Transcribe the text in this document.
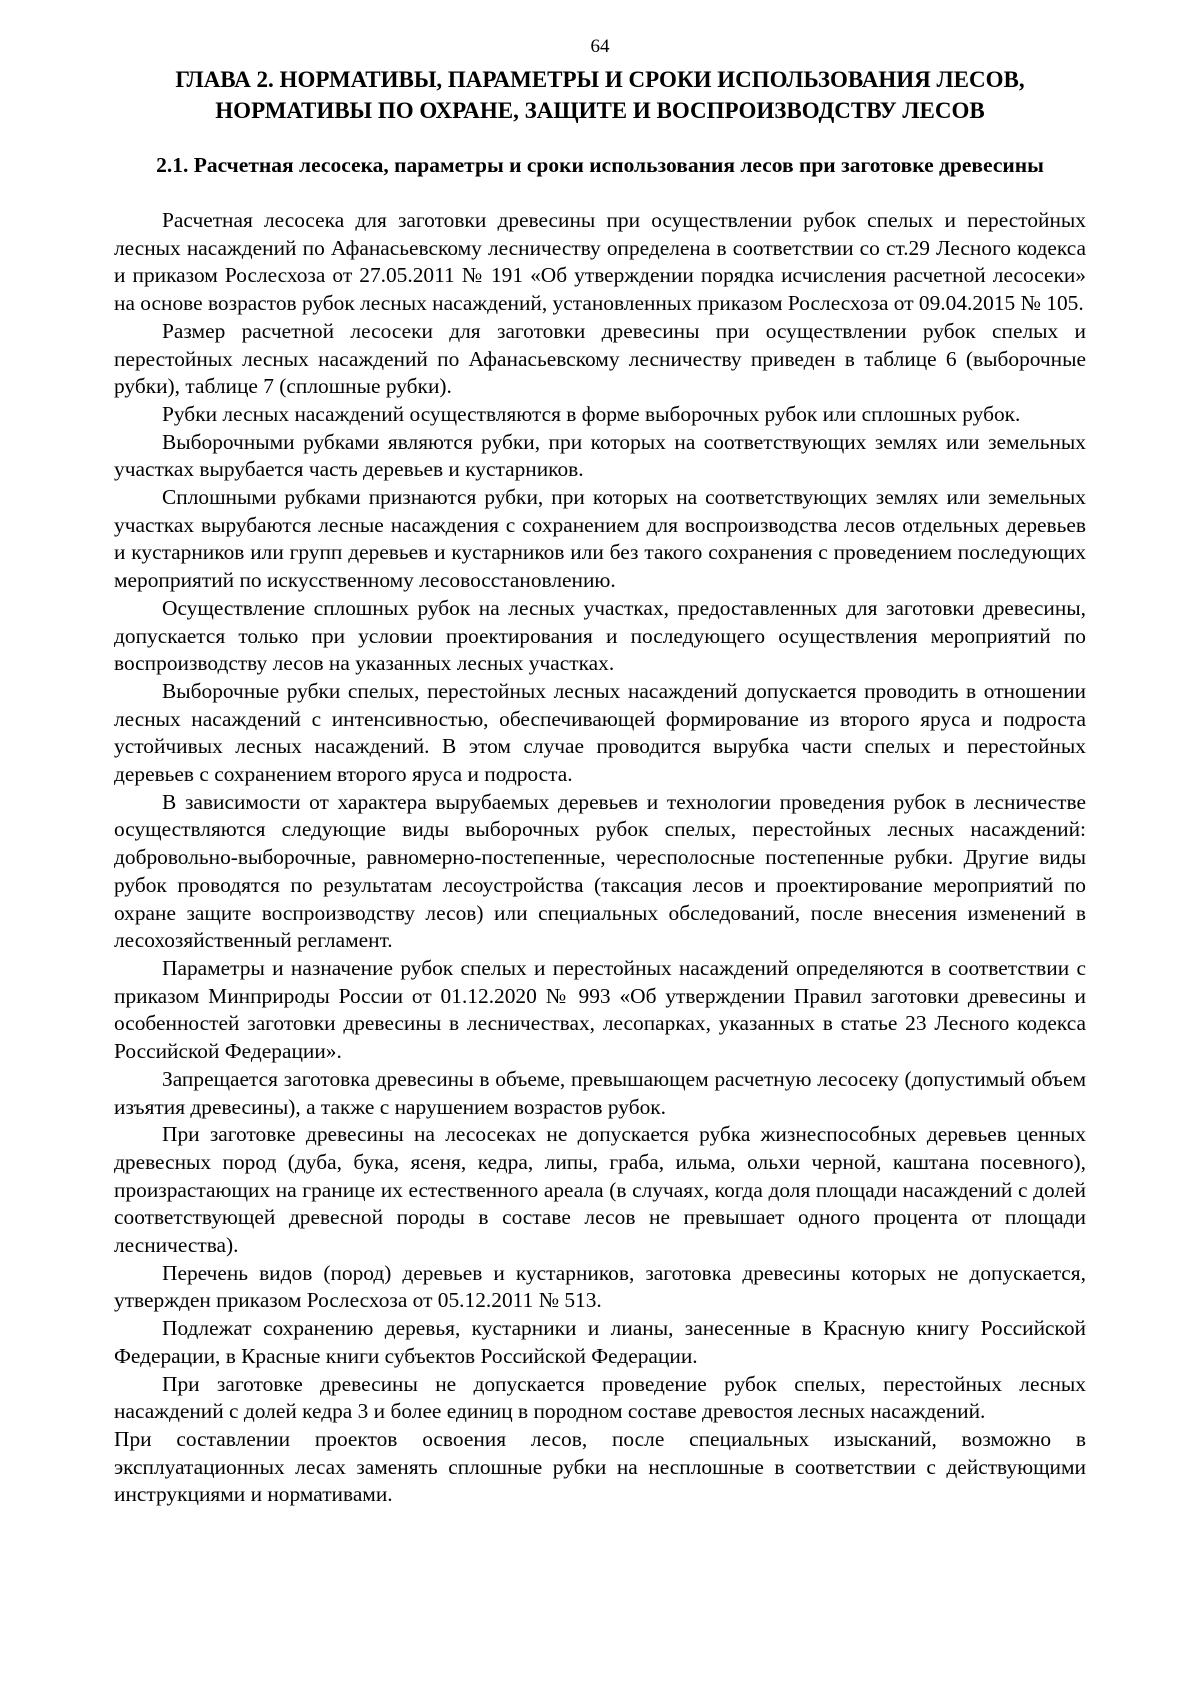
64
ГЛАВА 2. НОРМАТИВЫ, ПАРАМЕТРЫ И СРОКИ ИСПОЛЬЗОВАНИЯ ЛЕСОВ,
НОРМАТИВЫ ПО ОХРАНЕ, ЗАЩИТЕ И ВОСПРОИЗВОДСТВУ ЛЕСОВ
2.1. Расчетная лесосека, параметры и сроки использования лесов при заготовке древесины

Расчетная лесосека для заготовки древесины при осуществлении рубок спелых и перестойных лесных насаждений по Афанасьевскому лесничеству определена в соответствии со ст.29 Лесного кодекса и приказом Рослесхоза от 27.05.2011 № 191 «Об утверждении порядка исчисления расчетной лесосеки» на основе возрастов рубок лесных насаждений, установленных приказом Рослесхоза от 09.04.2015 № 105.

Размер расчетной лесосеки для заготовки древесины при осуществлении рубок спелых и перестойных лесных насаждений по Афанасьевскому лесничеству приведен в таблице 6 (выборочные рубки), таблице 7 (сплошные рубки).

Рубки лесных насаждений осуществляются в форме выборочных рубок или сплошных рубок.

Выборочными рубками являются рубки, при которых на соответствующих землях или земельных участках вырубается часть деревьев и кустарников.

Сплошными рубками признаются рубки, при которых на соответствующих землях или земельных участках вырубаются лесные насаждения с сохранением для воспроизводства лесов отдельных деревьев и кустарников или групп деревьев и кустарников или без такого сохранения с проведением последующих мероприятий по искусственному лесовосстановлению.

Осуществление сплошных рубок на лесных участках, предоставленных для заготовки древесины, допускается только при условии проектирования и последующего осуществления мероприятий по воспроизводству лесов на указанных лесных участках.

Выборочные рубки спелых, перестойных лесных насаждений допускается проводить в отношении лесных насаждений с интенсивностью, обеспечивающей формирование из второго яруса и подроста устойчивых лесных насаждений. В этом случае проводится вырубка части спелых и перестойных деревьев с сохранением второго яруса и подроста.

В зависимости от характера вырубаемых деревьев и технологии проведения рубок в лесничестве осуществляются следующие виды выборочных рубок спелых, перестойных лесных насаждений: добровольно-выборочные, равномерно-постепенные, чересполосные постепенные рубки. Другие виды рубок проводятся по результатам лесоустройства (таксация лесов и проектирование мероприятий по охране защите воспроизводству лесов) или специальных обследований, после внесения изменений в лесохозяйственный регламент.

Параметры и назначение рубок спелых и перестойных насаждений определяются в соответствии с приказом Минприроды России от 01.12.2020 № 993 «Об утверждении Правил заготовки древесины и особенностей заготовки древесины в лесничествах, лесопарках, указанных в статье 23 Лесного кодекса Российской Федерации».

Запрещается заготовка древесины в объеме, превышающем расчетную лесосеку (допустимый объем изъятия древесины), а также с нарушением возрастов рубок.

При заготовке древесины на лесосеках не допускается рубка жизнеспособных деревьев ценных древесных пород (дуба, бука, ясеня, кедра, липы, граба, ильма, ольхи черной, каштана посевного), произрастающих на границе их естественного ареала (в случаях, когда доля площади насаждений с долей соответствующей древесной породы в составе лесов не превышает одного процента от площади лесничества).

Перечень видов (пород) деревьев и кустарников, заготовка древесины которых не допускается, утвержден приказом Рослесхоза от 05.12.2011 № 513.

Подлежат сохранению деревья, кустарники и лианы, занесенные в Красную книгу Российской Федерации, в Красные книги субъектов Российской Федерации.

При заготовке древесины не допускается проведение рубок спелых, перестойных лесных насаждений с долей кедра 3 и более единиц в породном составе древостоя лесных насаждений.

При составлении проектов освоения лесов, после специальных изысканий, возможно в эксплуатационных лесах заменять сплошные рубки на несплошные в соответствии с действующими инструкциями и нормативами.
